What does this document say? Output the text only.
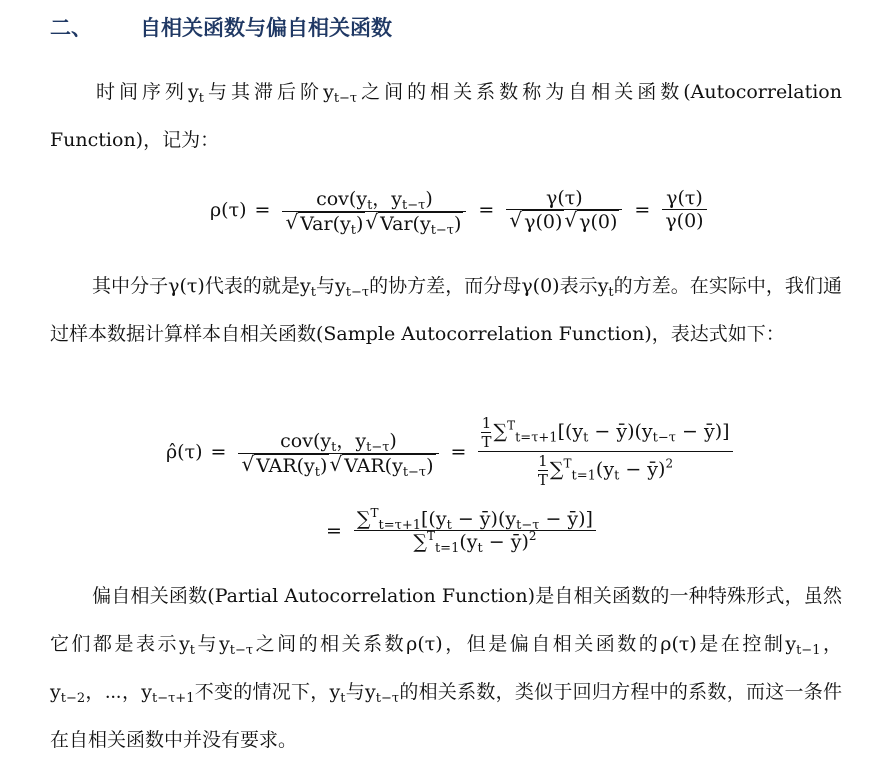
二、	自相关函数与偏自相关函数
时间序列$y_t$与其滞后阶$y_{t-\tau}$之间的相关系数称为自相关函数(Autocorrelation Function)，记为：
$\rho(\tau) = \frac{cov(y_t,y_{t-\tau})}{√ Var(y_t) √ Var(y_{t-\tau})} = \frac{\gamma(\tau)}{√ \gamma(0) √ \gamma(0)} = \frac{\gamma(\tau)}{\gamma(0)}$
其中分子γ(τ)代表的就是$y_t$与$y_{t-\tau}$的协方差，而分母γ(0)表示$y_t$的方差。在实际中，我们通过样本数据计算样本自相关函数(Sample Autocorrelation Function)，表达式如下：
ρ̂(τ) = $\frac{cov(y_t,y_{t-\tau})}{√ VAR(y_t) √ VAR(y_{t-\tau})} = \frac{\frac{1}{T} \sum^T_{t=\tau+1}[(y_t - ȳ)(y_{t-\tau} - ȳ)]}{\frac{1}{T} \sum^T_{t=1}(y_t - ȳ)^2}$
= $\frac{\sum^T_{t=\tau+1}[(y_t - ȳ)(y_{t-\tau} - ȳ)]}{\sum^T_{t=1}(y_t - ȳ)^2}$
偏自相关函数(Partial Autocorrelation Function)是自相关函数的一种特殊形式，虽然它们都是表示$y_t$与$y_{t-\tau}$之间的相关系数ρ(τ)，但是偏自相关函数的ρ(τ)是在控制$y_{t-1}$，$y_{t-2}$，⋯，$y_{t-\tau+1}$不变的情况下，$y_t$与$y_{t-\tau}$的相关系数，类似于回归方程中的系数，而这一条件在自相关函数中并没有要求。
